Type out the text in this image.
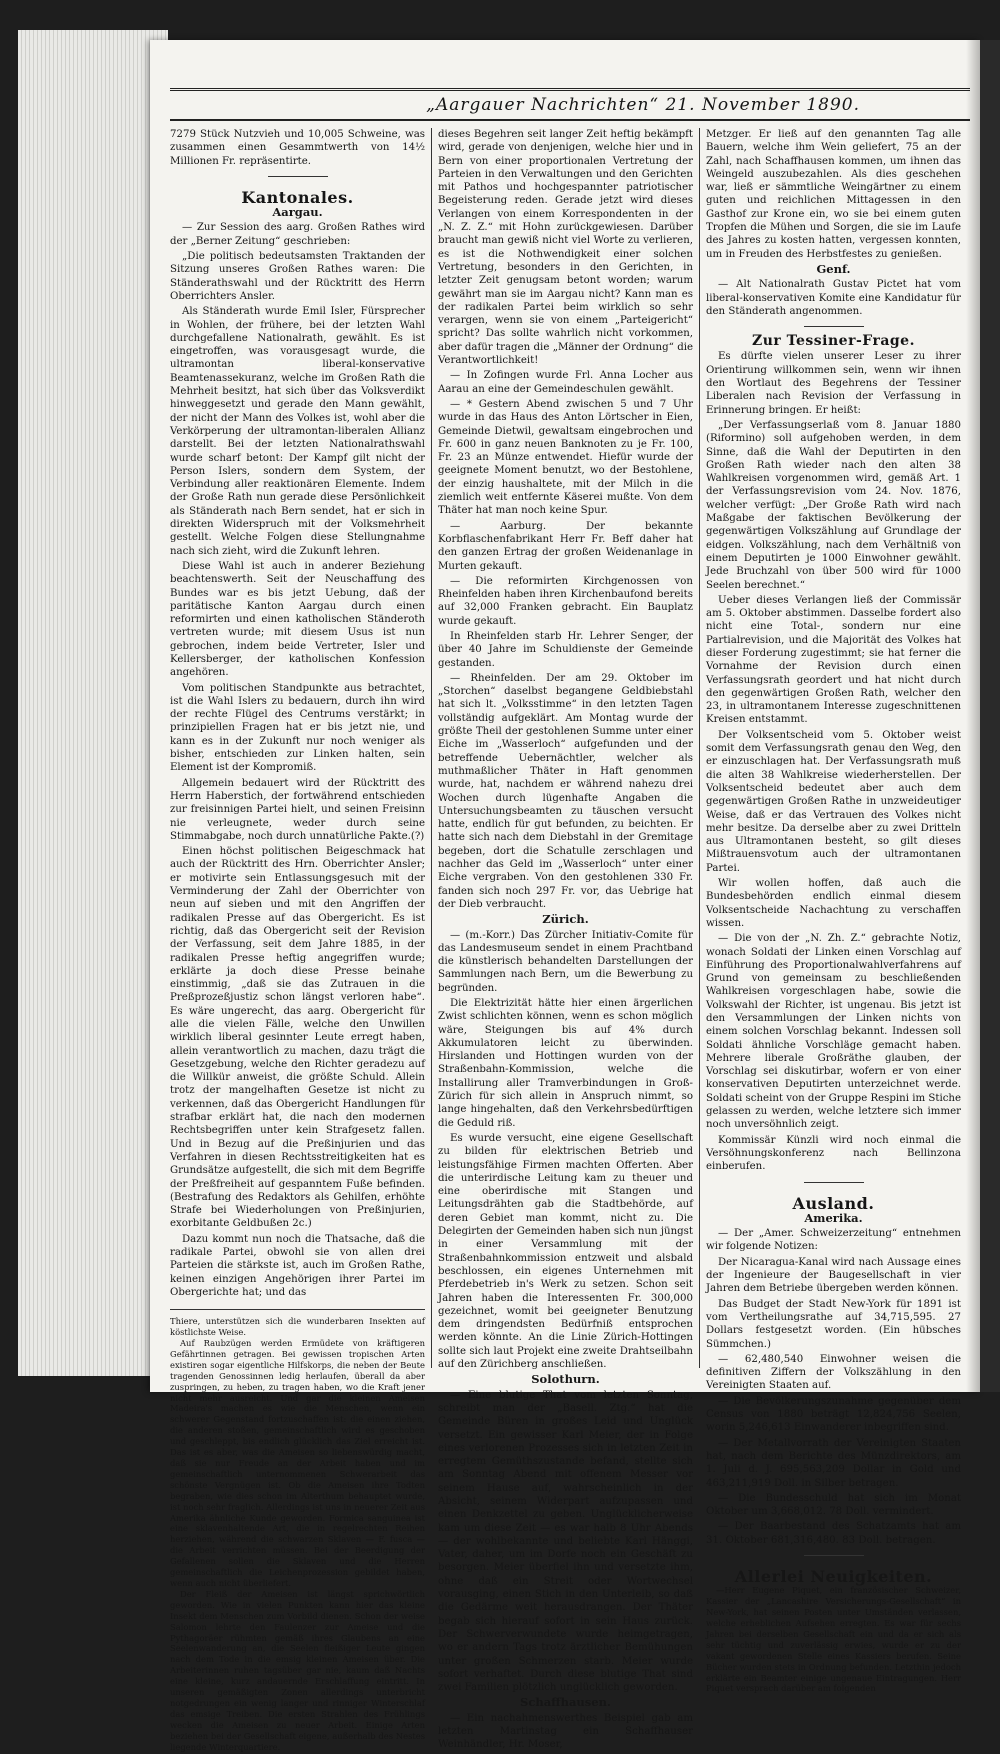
„Aargauer Nachrichten“ 21. November 1890.

7279 Stück Nutzvieh und 10,005 Schweine, was zusammen einen Gesammtwerth von 14½ Millionen Fr. repräsentirte.

Kantonales.

Aargau.

— Zur Session des aarg. Großen Rathes wird der „Berner Zeitung“ geschrieben:

„Die politisch bedeutsamsten Traktanden der Sitzung unseres Großen Rathes waren: Die Ständerathswahl und der Rücktritt des Herrn Oberrichters Ansler.

Als Ständerath wurde Emil Isler, Fürsprecher in Wohlen, der frühere, bei der letzten Wahl durchgefallene Nationalrath, gewählt. Es ist eingetroffen, was vorausgesagt wurde, die ultramontan liberal-konservative Beamtenassekuranz, welche im Großen Rath die Mehrheit besitzt, hat sich über das Volksverdikt hinweggesetzt und gerade den Mann gewählt, der nicht der Mann des Volkes ist, wohl aber die Verkörperung der ultramontan-liberalen Allianz darstellt. Bei der letzten Nationalrathswahl wurde scharf betont: Der Kampf gilt nicht der Person Islers, sondern dem System, der Verbindung aller reaktionären Elemente. Indem der Große Rath nun gerade diese Persönlichkeit als Ständerath nach Bern sendet, hat er sich in direkten Widerspruch mit der Volksmehrheit gestellt. Welche Folgen diese Stellungnahme nach sich zieht, wird die Zukunft lehren.

Diese Wahl ist auch in anderer Beziehung beachtenswerth. Seit der Neuschaffung des Bundes war es bis jetzt Uebung, daß der paritätische Kanton Aargau durch einen reformirten und einen katholischen Ständeroth vertreten wurde; mit diesem Usus ist nun gebrochen, indem beide Vertreter, Isler und Kellersberger, der katholischen Konfession angehören.

Vom politischen Standpunkte aus betrachtet, ist die Wahl Islers zu bedauern, durch ihn wird der rechte Flügel des Centrums verstärkt; in prinzipiellen Fragen hat er bis jetzt nie, und kann es in der Zukunft nur noch weniger als bisher, entschieden zur Linken halten, sein Element ist der Kompromiß.

Allgemein bedauert wird der Rücktritt des Herrn Haberstich, der fortwährend entschieden zur freisinnigen Partei hielt, und seinen Freisinn nie verleugnete, weder durch seine Stimmabgabe, noch durch unnatürliche Pakte.(?)

Einen höchst politischen Beigeschmack hat auch der Rücktritt des Hrn. Oberrichter Ansler; er motivirte sein Entlassungsgesuch mit der Verminderung der Zahl der Oberrichter von neun auf sieben und mit den Angriffen der radikalen Presse auf das Obergericht. Es ist richtig, daß das Obergericht seit der Revision der Verfassung, seit dem Jahre 1885, in der radikalen Presse heftig angegriffen wurde; erklärte ja doch diese Presse beinahe einstimmig, „daß sie das Zutrauen in die Preßprozeßjustiz schon längst verloren habe“. Es wäre ungerecht, das aarg. Obergericht für alle die vielen Fälle, welche den Unwillen wirklich liberal gesinnter Leute erregt haben, allein verantwortlich zu machen, dazu trägt die Gesetzgebung, welche den Richter geradezu auf die Willkür anweist, die größte Schuld. Allein trotz der mangelhaften Gesetze ist nicht zu verkennen, daß das Obergericht Handlungen für strafbar erklärt hat, die nach den modernen Rechtsbegriffen unter kein Strafgesetz fallen. Und in Bezug auf die Preßinjurien und das Verfahren in diesen Rechtsstreitigkeiten hat es Grundsätze aufgestellt, die sich mit dem Begriffe der Preßfreiheit auf gespanntem Fuße befinden. (Bestrafung des Redaktors als Gehilfen, erhöhte Strafe bei Wiederholungen von Preßinjurien, exorbitante Geldbußen 2c.)

Dazu kommt nun noch die Thatsache, daß die radikale Partei, obwohl sie von allen drei Parteien die stärkste ist, auch im Großen Rathe, keinen einzigen Angehörigen ihrer Partei im Obergerichte hat; und das

Thiere, unterstützen sich die wunderbaren Insekten auf köstlichste Weise.

Auf Raubzügen werden Ermüdete von kräftigeren Gefährtinnen getragen. Bei gewissen tropischen Arten existiren sogar eigentliche Hilfskorps, die neben der Beute tragenden Genossinnen ledig herlaufen, überall da aber zuspringen, zu heben, zu tragen haben, wo die Kraft jener nicht mehr ausreicht. Und gar die kleinen Ameisen Madeira's machen es wie die Menschen, wenn ein schwerer Gegenstand fortzuschaffen ist: die einen ziehen, die anderen stoßen, gemeinschaftlich wird es geschoben und geschleppt, bis endlich glücklich das Ziel erreicht ist. Das ist es aber, was die Ameisen so liebenswürdig macht, daß sie nur Freude an der Arbeit haben und im gemeinschaftlich unternommenen Schwerarbeit das schönste Vergnügen ist. Ob die Ameisen ihre Todten begraben, wie dies schon im Alterthum behauptet wurde, ist noch sehr fraglich. Allerdings ist uns in neuerer Zeit aus Amerika ähnliche Kunde geworden. Formica sanguinea ist eine sklavenhaltende Art, die in regelrechten Reihen herziehen, während die schwarzen Sklaven — F. fusca — die Arbeit verrichten müssen. Bei der Beerdigung der Gefallenen sollen die Sklaven und die Herren gemeinschaftlich die Leichenprozession gebildet haben, wenn auch nicht überliefert.

Der Fleiß der Ameisen ist längst sprichwörtlich geworden. Wie in vielen Punkten kann hier das kleine Insekt dem Menschen zum Vorbild dienen. Schon der weise Salomon lehrte den Faulenzer zur Ameise und die Pythagoräer rühmten gemäß ihres Glaubens an eine Seelenwanderung an, die Seelen fleißiger Leute gingen nach dem Tode in die emsig kleinen Ameisen über. Die Arbeiterinnen ruhen tagsüber gar nie, kaum daß Nachts eine kleine, kurz andauernde Erschlaffung eintritt. In unseren gemäßigten Zonen allerdings unterbricht notgedrungen ein wenig langer und rinniger Winterschlaf das emsige Treiben. Die ersten Strahlen des Frühlings wecken die Ameisen zu neuer Arbeit. Einige Arten beziehen bei der Gesellschaft eigene, außerhalb des Nestes liegende Winterquartiere.

dieses Begehren seit langer Zeit heftig bekämpft wird, gerade von denjenigen, welche hier und in Bern von einer proportionalen Vertretung der Parteien in den Verwaltungen und den Gerichten mit Pathos und hochgespannter patriotischer Begeisterung reden. Gerade jetzt wird dieses Verlangen von einem Korrespondenten in der „N. Z. Z.“ mit Hohn zurückgewiesen. Darüber braucht man gewiß nicht viel Worte zu verlieren, es ist die Nothwendigkeit einer solchen Vertretung, besonders in den Gerichten, in letzter Zeit genugsam betont worden; warum gewährt man sie im Aargau nicht? Kann man es der radikalen Partei beim wirklich so sehr verargen, wenn sie von einem „Parteigericht“ spricht? Das sollte wahrlich nicht vorkommen, aber dafür tragen die „Männer der Ordnung“ die Verantwortlichkeit!

— In Zofingen wurde Frl. Anna Locher aus Aarau an eine der Gemeindeschulen gewählt.

— * Gestern Abend zwischen 5 und 7 Uhr wurde in das Haus des Anton Lörtscher in Eien, Gemeinde Dietwil, gewaltsam eingebrochen und Fr. 600 in ganz neuen Banknoten zu je Fr. 100, Fr. 23 an Münze entwendet. Hiefür wurde der geeignete Moment benutzt, wo der Bestohlene, der einzig haushaltete, mit der Milch in die ziemlich weit entfernte Käserei mußte. Von dem Thäter hat man noch keine Spur.

— Aarburg. Der bekannte Korbflaschenfabrikant Herr Fr. Beff daher hat den ganzen Ertrag der großen Weidenanlage in Murten gekauft.

— Die reformirten Kirchgenossen von Rheinfelden haben ihren Kirchenbaufond bereits auf 32,000 Franken gebracht. Ein Bauplatz wurde gekauft.

In Rheinfelden starb Hr. Lehrer Senger, der über 40 Jahre im Schuldienste der Gemeinde gestanden.

— Rheinfelden. Der am 29. Oktober im „Storchen“ daselbst begangene Geldbiebstahl hat sich lt. „Volksstimme“ in den letzten Tagen vollständig aufgeklärt. Am Montag wurde der größte Theil der gestohlenen Summe unter einer Eiche im „Wasserloch“ aufgefunden und der betreffende Uebernächtler, welcher als muthmaßlicher Thäter in Haft genommen wurde, hat, nachdem er während nahezu drei Wochen durch lügenhafte Angaben die Untersuchungsbeamten zu täuschen versucht hatte, endlich für gut befunden, zu beichten. Er hatte sich nach dem Diebstahl in der Gremitage begeben, dort die Schatulle zerschlagen und nachher das Geld im „Wasserloch“ unter einer Eiche vergraben. Von den gestohlenen 330 Fr. fanden sich noch 297 Fr. vor, das Uebrige hat der Dieb verbraucht.

Zürich.

— (m.-Korr.) Das Zürcher Initiativ-Comite für das Landesmuseum sendet in einem Prachtband die künstlerisch behandelten Darstellungen der Sammlungen nach Bern, um die Bewerbung zu begründen.

Die Elektrizität hätte hier einen ärgerlichen Zwist schlichten können, wenn es schon möglich wäre, Steigungen bis auf 4% durch Akkumulatoren leicht zu überwinden. Hirslanden und Hottingen wurden von der Straßenbahn-Kommission, welche die Installirung aller Tramverbindungen in Groß-Zürich für sich allein in Anspruch nimmt, so lange hingehalten, daß den Verkehrsbedürftigen die Geduld riß.

Es wurde versucht, eine eigene Gesellschaft zu bilden für elektrischen Betrieb und leistungsfähige Firmen machten Offerten. Aber die unterirdische Leitung kam zu theuer und eine oberirdische mit Stangen und Leitungsdrähten gab die Stadtbehörde, auf deren Gebiet man kommt, nicht zu. Die Delegirten der Gemeinden haben sich nun jüngst in einer Versammlung mit der Straßenbahnkommission entzweit und alsbald beschlossen, ein eigenes Unternehmen mit Pferdebetrieb in's Werk zu setzen. Schon seit Jahren haben die Interessenten Fr. 300,000 gezeichnet, womit bei geeigneter Benutzung dem dringendsten Bedürfniß entsprochen werden könnte. An die Linie Zürich-Hottingen sollte sich laut Projekt eine zweite Drahtseilbahn auf den Zürichberg anschließen.

Solothurn.

— Eine blutige That vom letzten Sonntag, schreibt man der „Basell. Ztg.“ hat die Gemeinde Büren in großes Leid und Unglück versetzt. Ein gewisser Karl Meier, der in Folge eines verlorenen Prozesses sich in letzten Zeit in erregtem Gemüthszustande befand, stellte sich am Sonntag Abend mit offenem Messer vor seinem Hause auf, wahrscheinlich in der Absicht, seinem Widerpart aufzupassen und einen Denkzettel zu geben. Unglücklicherweise kam um diese Zeit — es war halb 8 Uhr Abends — der wohlbekannte und beliebte Karl Hänggi, Vater, daher, um im Dorfe noch ein Geschäft zu besorgen. Meier überfiel ihn und versetzte ihm, ohne daß ein Streit oder Wortwechsel vorausging, einen Stich in den Unterleib, so daß die Gedärme weit herausdrangen. Der Thäter begab sich hierauf sofort in sein Haus zurück. Der Schwerverwundete wurde heimgetragen, wo er andern Tags trotz ärztlicher Bemühungen unter großen Schmerzen starb. Meier wurde sofort verhaftet. Durch diese blutige That sind zwei Familien plötzlich unglücklich geworden.

Schaffhausen.

— Ein nachahmenswerthes Beispiel gab am letzten Martinstag ein Schaffhauser Weinhändler, Hr. Moser,

Metzger. Er ließ auf den genannten Tag alle Bauern, welche ihm Wein geliefert, 75 an der Zahl, nach Schaffhausen kommen, um ihnen das Weingeld auszubezahlen. Als dies geschehen war, ließ er sämmtliche Weingärtner zu einem guten und reichlichen Mittagessen in den Gasthof zur Krone ein, wo sie bei einem guten Tropfen die Mühen und Sorgen, die sie im Laufe des Jahres zu kosten hatten, vergessen konnten, um in Freuden des Herbstfestes zu genießen.

Genf.

— Alt Nationalrath Gustav Pictet hat vom liberal-konservativen Komite eine Kandidatur für den Ständerath angenommen.

Zur Tessiner-Frage.

Es dürfte vielen unserer Leser zu ihrer Orientirung willkommen sein, wenn wir ihnen den Wortlaut des Begehrens der Tessiner Liberalen nach Revision der Verfassung in Erinnerung bringen. Er heißt:

„Der Verfassungserlaß vom 8. Januar 1880 (Riformino) soll aufgehoben werden, in dem Sinne, daß die Wahl der Deputirten in den Großen Rath wieder nach den alten 38 Wahlkreisen vorgenommen wird, gemäß Art. 1 der Verfassungsrevision vom 24. Nov. 1876, welcher verfügt: „Der Große Rath wird nach Maßgabe der faktischen Bevölkerung der gegenwärtigen Volkszählung auf Grundlage der eidgen. Volkszählung, nach dem Verhältniß von einem Deputirten je 1000 Einwohner gewählt. Jede Bruchzahl von über 500 wird für 1000 Seelen berechnet.“

Ueber dieses Verlangen ließ der Commissär am 5. Oktober abstimmen. Dasselbe fordert also nicht eine Total-, sondern nur eine Partialrevision, und die Majorität des Volkes hat dieser Forderung zugestimmt; sie hat ferner die Vornahme der Revision durch einen Verfassungsrath geordert und hat nicht durch den gegenwärtigen Großen Rath, welcher den 23, in ultramontanem Interesse zugeschnittenen Kreisen entstammt.

Der Volksentscheid vom 5. Oktober weist somit dem Verfassungsrath genau den Weg, den er einzuschlagen hat. Der Verfassungsrath muß die alten 38 Wahlkreise wiederherstellen. Der Volksentscheid bedeutet aber auch dem gegenwärtigen Großen Rathe in unzweideutiger Weise, daß er das Vertrauen des Volkes nicht mehr besitze. Da derselbe aber zu zwei Dritteln aus Ultramontanen besteht, so gilt dieses Mißtrauensvotum auch der ultramontanen Partei.

Wir wollen hoffen, daß auch die Bundesbehörden endlich einmal diesem Volksentscheide Nachachtung zu verschaffen wissen.

— Die von der „N. Zh. Z.“ gebrachte Notiz, wonach Soldati der Linken einen Vorschlag auf Einführung des Proportionalwahlverfahrens auf Grund von gemeinsam zu beschließenden Wahlkreisen vorgeschlagen habe, sowie die Volkswahl der Richter, ist ungenau. Bis jetzt ist den Versammlungen der Linken nichts von einem solchen Vorschlag bekannt. Indessen soll Soldati ähnliche Vorschläge gemacht haben. Mehrere liberale Großräthe glauben, der Vorschlag sei diskutirbar, wofern er von einer konservativen Deputirten unterzeichnet werde. Soldati scheint von der Gruppe Respini im Stiche gelassen zu werden, welche letztere sich immer noch unversöhnlich zeigt.

Kommissär Künzli wird noch einmal die Versöhnungskonferenz nach Bellinzona einberufen.

Ausland.

Amerika.

— Der „Amer. Schweizerzeitung“ entnehmen wir folgende Notizen:

Der Nicaragua-Kanal wird nach Aussage eines der Ingenieure der Baugesellschaft in vier Jahren dem Betriebe übergeben werden können.

Das Budget der Stadt New-York für 1891 ist vom Vertheilungsrathe auf 34,715,595. 27 Dollars festgesetzt worden. (Ein hübsches Sümmchen.)

— 62,480,540 Einwohner weisen die definitiven Ziffern der Volkszählung in den Vereinigten Staaten auf.

— Die Bevölkerungszunahme gegenüber dem Census von 1880 beträgt 12,824,756 Seelen, worin 5,246,613 Einwanderer inbegriffen sind.

— Der Metallvorrath der Vereinigten Staaten hat, nach dem Berichte des Münzdirektors, am 1. Juli d. J. 695,563,209 Dollar in Gold und 463,211,919 Doll. in Silber betragen.

— Die Bundesschuld hat sich im Monat Oktober um 3,668,012. 78 Doll. vermindert.

— Der Baarbestand des Schatzamts hat am 31. Oktober 681,316,480. 83 Doll. betragen.

Allerlei Neuigkeiten.

—Herr Eugene Piquet, ein französischer Schweizer, Kassier der „Lancashire Versicherungs-Gesellschaft“ in New-York, hat seinen Posten unter Umständen verlassen, welche erheblichen Aufsehen erregten. Es war für sechs Jahren bei derselben Gesellschaft ein und da er sich als sehr tüchtig und zuverlässig erwies, wurde er zu der vakant gewordenen Stelle eines Kassiers berufen. Seine Bücher wurden stets in Ordnung befunden. Letzthin jedoch erklärte ein Beamter einige ungenaue Eintragungen. Herr Piquet versprach darüber am folgenden
